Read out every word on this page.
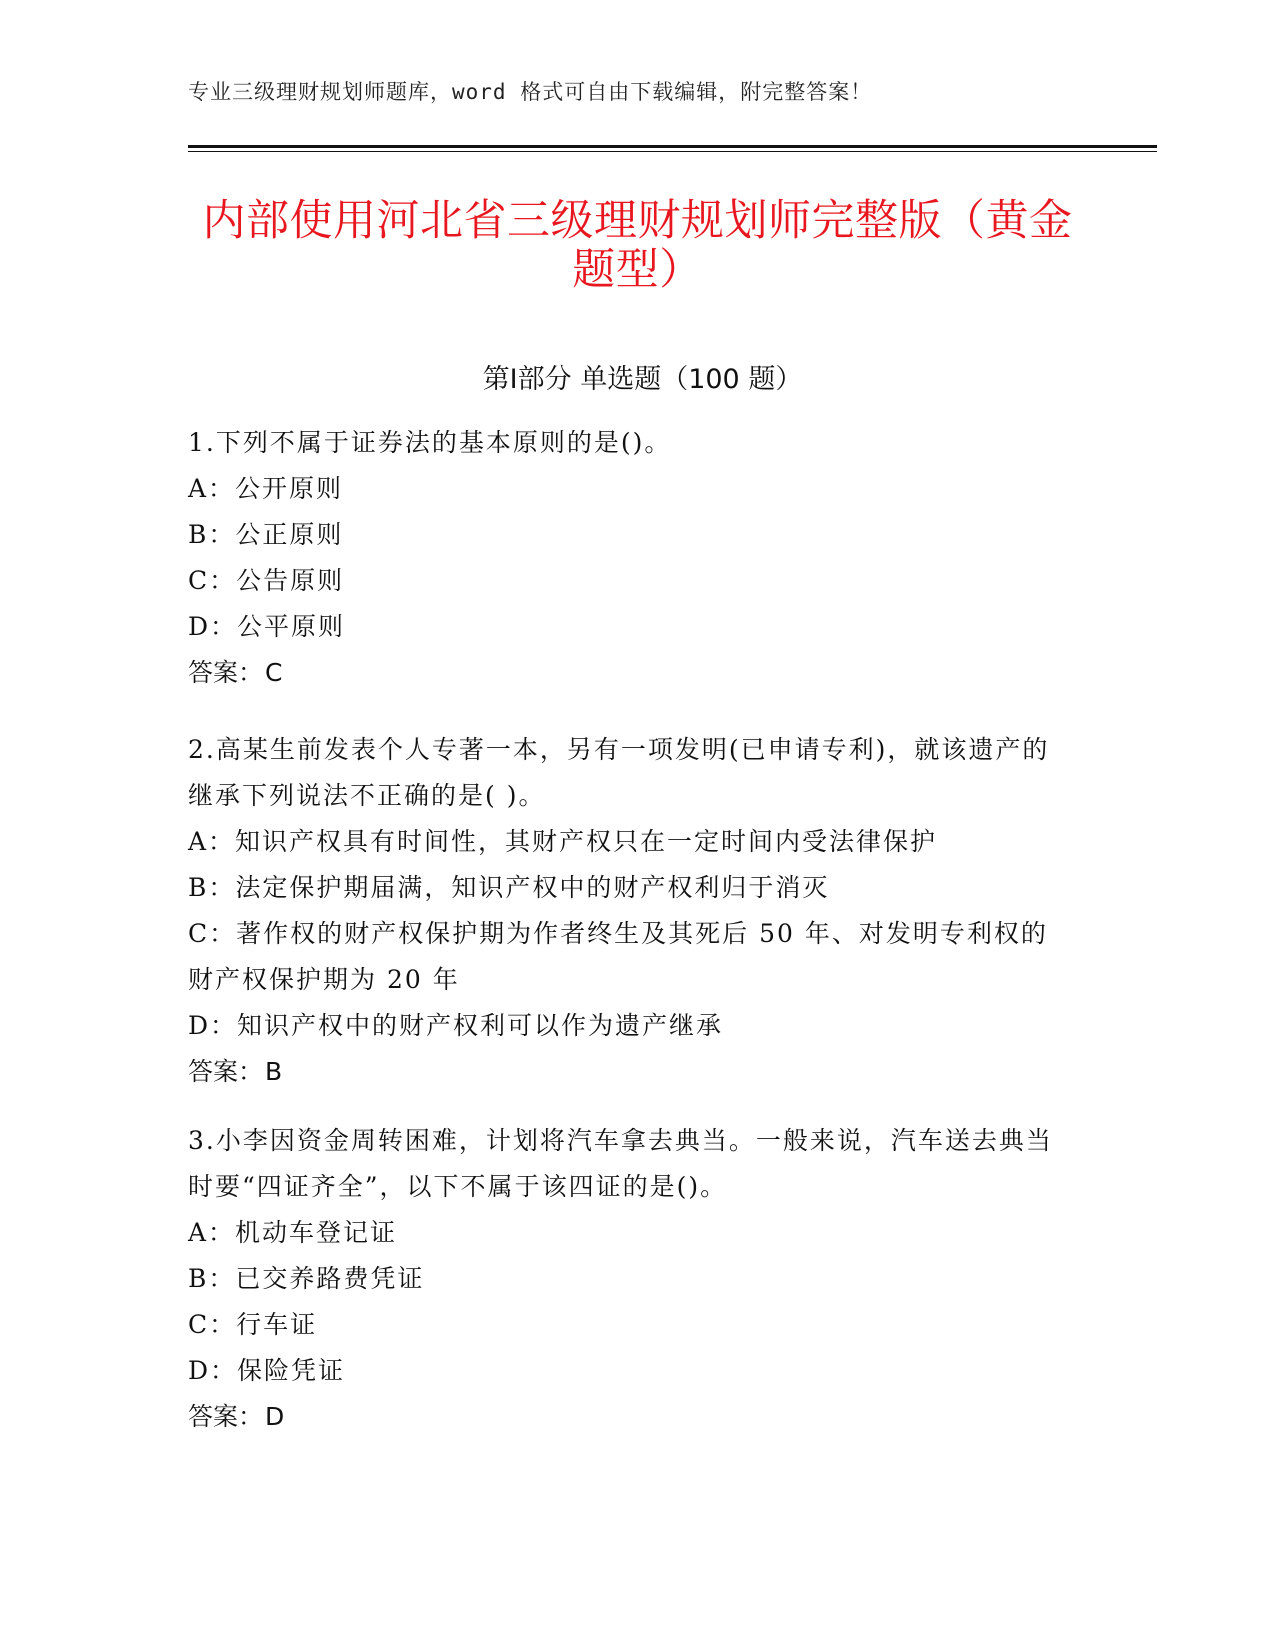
专业三级理财规划师题库，word 格式可自由下载编辑，附完整答案！
内部使用河北省三级理财规划师完整版（黄金题型）
第Ⅰ部分 单选题（100 题）
1.下列不属于证券法的基本原则的是()。
A：公开原则
B：公正原则
C：公告原则
D：公平原则
答案：C
2.高某生前发表个人专著一本，另有一项发明(已申请专利)，就该遗产的继承下列说法不正确的是( )。
A：知识产权具有时间性，其财产权只在一定时间内受法律保护
B：法定保护期届满，知识产权中的财产权利归于消灭
C：著作权的财产权保护期为作者终生及其死后 50 年、对发明专利权的财产权保护期为 20 年
D：知识产权中的财产权利可以作为遗产继承
答案：B
3.小李因资金周转困难，计划将汽车拿去典当。一般来说，汽车送去典当时要“四证齐全”，以下不属于该四证的是()。
A：机动车登记证
B：已交养路费凭证
C：行车证
D：保险凭证
答案：D
